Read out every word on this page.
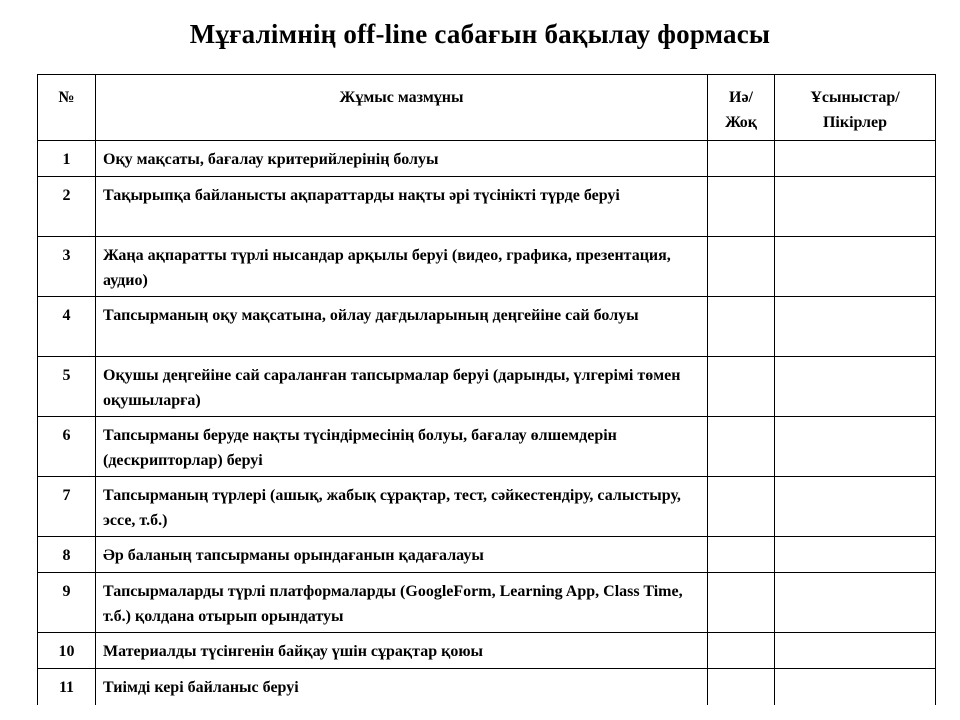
Мұғалімнің off-line сабағын бақылау формасы
№	Жұмыс мазмұны	Иә/ Жоқ	Ұсыныстар/ Пікірлер
1	Оқу мақсаты, бағалау критерийлерінің болуы		
2	Тақырыпқа байланысты ақпараттарды нақты әрі түсінікті түрде беруі		
3	Жаңа ақпаратты түрлі нысандар арқылы беруі (видео, графика, презентация, аудио)		
4	Тапсырманың оқу мақсатына, ойлау дағдыларының деңгейіне сай болуы		
5	Оқушы деңгейіне сай сараланған тапсырмалар беруі (дарынды, үлгерімі төмен оқушыларға)		
6	Тапсырманы беруде нақты түсіндірмесінің болуы, бағалау өлшемдерін (дескрипторлар) беруі		
7	Тапсырманың түрлері (ашық, жабық сұрақтар, тест, сәйкестендіру, салыстыру, эссе, т.б.)		
8	Әр баланың тапсырманы орындағанын қадағалауы		
9	Тапсырмаларды түрлі платформаларды (GoogleForm, Learning App, Class Time, т.б.) қолдана отырып орындатуы		
10	Материалды түсінгенін байқау үшін сұрақтар қоюы		
11	Тиімді кері байланыс беруі		
